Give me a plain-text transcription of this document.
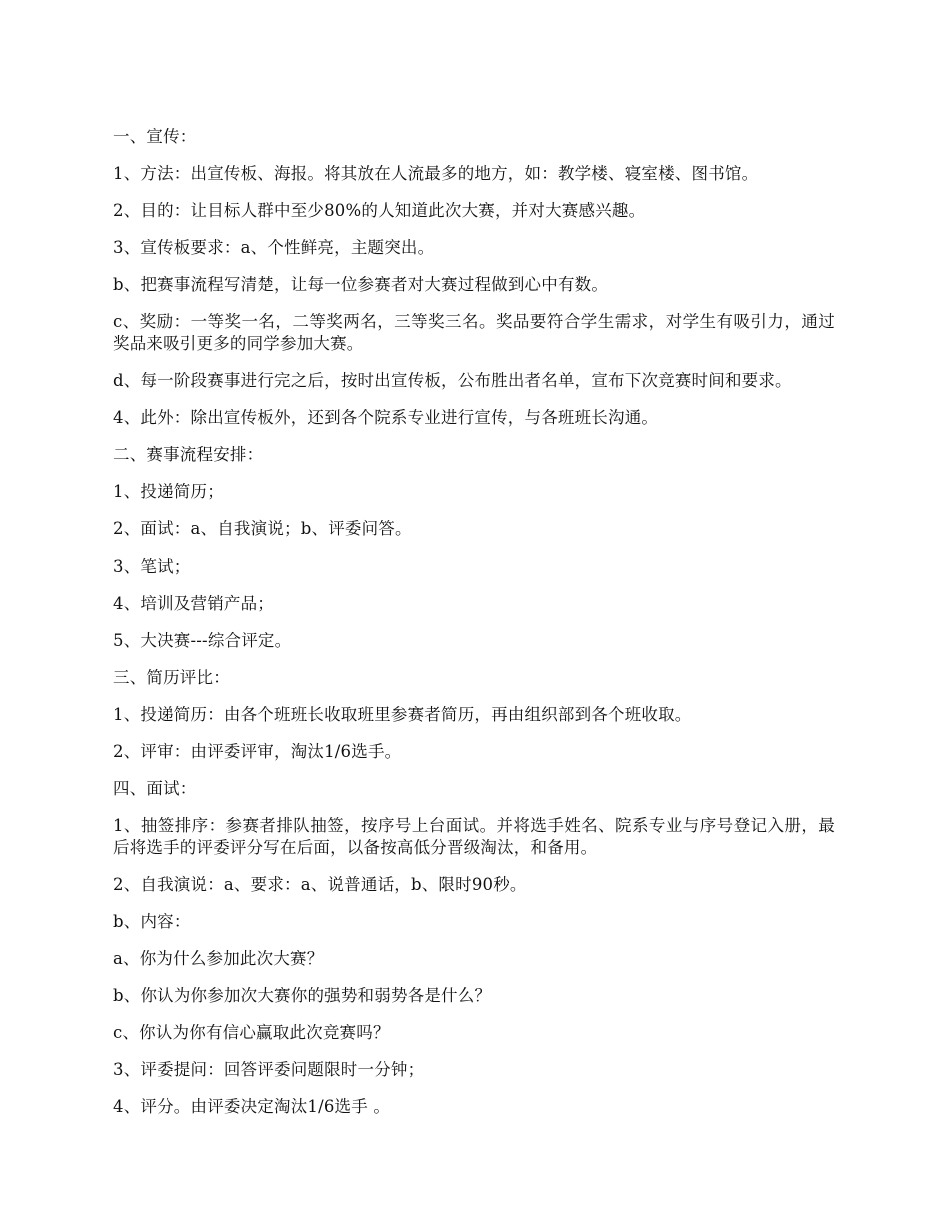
一、宣传：

1、方法：出宣传板、海报。将其放在人流最多的地方，如：教学楼、寝室楼、图书馆。

2、目的：让目标人群中至少80%的人知道此次大赛，并对大赛感兴趣。

3、宣传板要求：a、个性鲜亮，主题突出。

b、把赛事流程写清楚，让每一位参赛者对大赛过程做到心中有数。

c、奖励：一等奖一名，二等奖两名，三等奖三名。奖品要符合学生需求，对学生有吸引力，通过奖品来吸引更多的同学参加大赛。

d、每一阶段赛事进行完之后，按时出宣传板，公布胜出者名单，宣布下次竞赛时间和要求。

4、此外：除出宣传板外，还到各个院系专业进行宣传，与各班班长沟通。

二、赛事流程安排：

1、投递简历；

2、面试：a、自我演说；b、评委问答。

3、笔试；

4、培训及营销产品；

5、大决赛---综合评定。

三、简历评比：

1、投递简历：由各个班班长收取班里参赛者简历，再由组织部到各个班收取。

2、评审：由评委评审，淘汰1/6选手。

四、面试：

1、抽签排序：参赛者排队抽签，按序号上台面试。并将选手姓名、院系专业与序号登记入册，最后将选手的评委评分写在后面，以备按高低分晋级淘汰，和备用。

2、自我演说：a、要求：a、说普通话，b、限时90秒。

b、内容：

a、你为什么参加此次大赛？

b、你认为你参加次大赛你的强势和弱势各是什么？

c、你认为你有信心赢取此次竞赛吗？

3、评委提问：回答评委问题限时一分钟；

4、评分。由评委决定淘汰1/6选手 。
